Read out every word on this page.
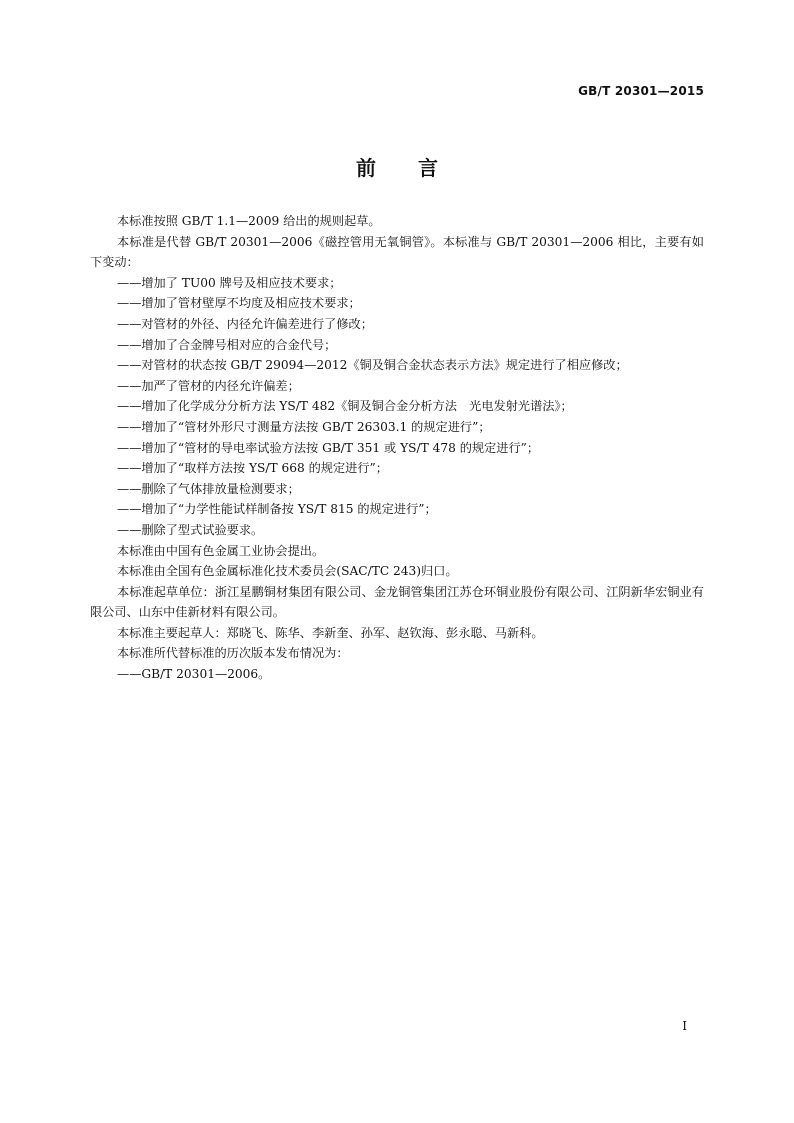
GB/T 20301—2015
前言

本标准按照 GB/T 1.1—2009 给出的规则起草。

本标准是代替 GB/T 20301—2006《磁控管用无氧铜管》。本标准与 GB/T 20301—2006 相比，主要有如下变动：

——增加了 TU00 牌号及相应技术要求；

——增加了管材壁厚不均度及相应技术要求；

——对管材的外径、内径允许偏差进行了修改；

——增加了合金牌号相对应的合金代号；

——对管材的状态按 GB/T 29094—2012《铜及铜合金状态表示方法》规定进行了相应修改；

——加严了管材的内径允许偏差；

——增加了化学成分分析方法 YS/T 482《铜及铜合金分析方法　光电发射光谱法》；

——增加了“管材外形尺寸测量方法按 GB/T 26303.1 的规定进行”；

——增加了“管材的导电率试验方法按 GB/T 351 或 YS/T 478 的规定进行”；

——增加了“取样方法按 YS/T 668 的规定进行”；

——删除了气体排放量检测要求；

——增加了“力学性能试样制备按 YS/T 815 的规定进行”；

——删除了型式试验要求。

本标准由中国有色金属工业协会提出。

本标准由全国有色金属标准化技术委员会(SAC/TC 243)归口。

本标准起草单位：浙江星鹏铜材集团有限公司、金龙铜管集团江苏仓环铜业股份有限公司、江阴新华宏铜业有限公司、山东中佳新材料有限公司。

本标准主要起草人：郑晓飞、陈华、李新奎、孙军、赵钦海、彭永聪、马新科。

本标准所代替标准的历次版本发布情况为：

——GB/T 20301—2006。

I
